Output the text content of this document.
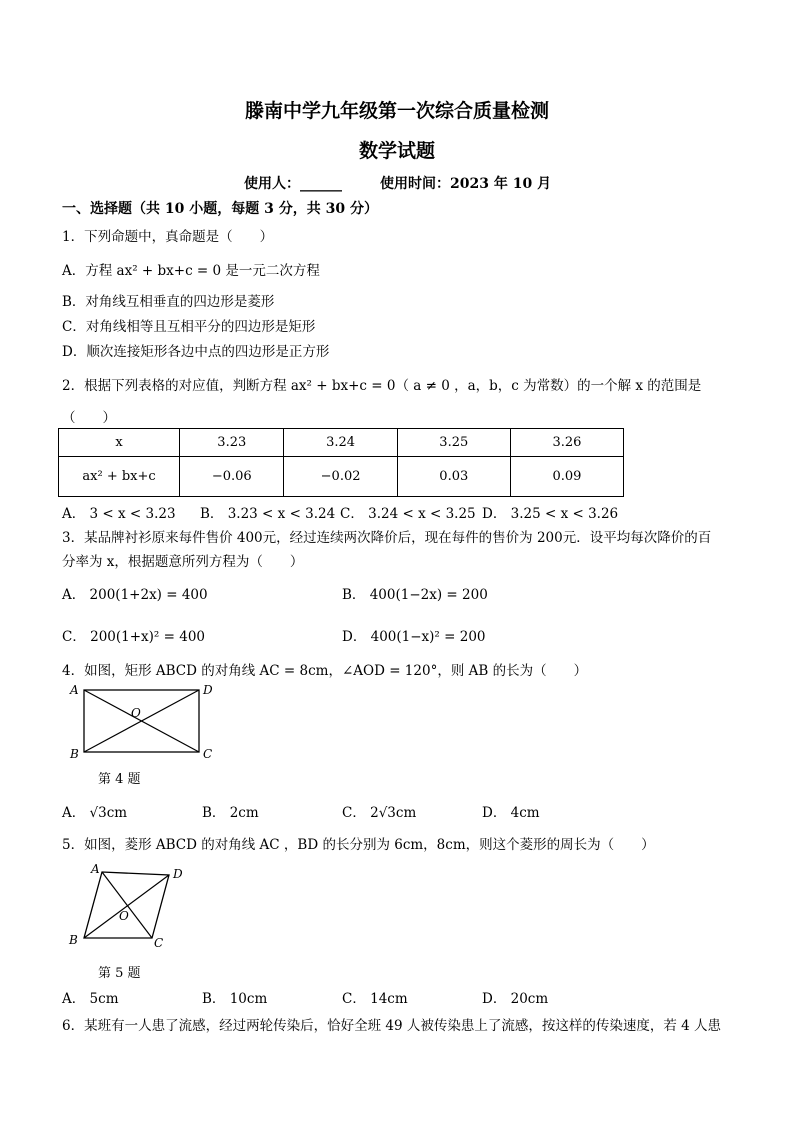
滕南中学九年级第一次综合质量检测
数学试题
使用人：______	使用时间：2023 年 10 月
一、选择题（共 10 小题，每题 3 分，共 30 分）
1．下列命题中，真命题是（　　）
A．方程 ax² + bx+c = 0 是一元二次方程
B．对角线互相垂直的四边形是菱形
C．对角线相等且互相平分的四边形是矩形
D．顺次连接矩形各边中点的四边形是正方形
2．根据下列表格的对应值，判断方程 ax² + bx+c = 0（ a ≠ 0 ，a，b，c 为常数）的一个解 x 的范围是
（　　）
x	3.23	3.24	3.25	3.26
ax² + bx+c	−0.06	−0.02	0.03	0.09
A． 3 < x < 3.23 B． 3.23 < x < 3.24 C． 3.24 < x < 3.25 D． 3.25 < x < 3.26
3．某品牌衬衫原来每件售价 400元，经过连续两次降价后，现在每件的售价为 200元．设平均每次降价的百
分率为 x，根据题意所列方程为（　　）
A． 200(1+2x) = 400	B． 400(1−2x) = 200
C． 200(1+x)² = 400	D． 400(1−x)² = 200
4．如图，矩形 ABCD 的对角线 AC = 8cm，∠AOD = 120°，则 AB 的长为（　　）
A	D
B	C
O
第 4 题
A． √3cm	B． 2cm	C． 2√3cm	D． 4cm
5．如图，菱形 ABCD 的对角线 AC ，BD 的长分别为 6cm，8cm，则这个菱形的周长为（　　）
A	D
B	C
O
第 5 题
A． 5cm	B． 10cm	C． 14cm	D． 20cm
6．某班有一人患了流感，经过两轮传染后，恰好全班 49 人被传染患上了流感，按这样的传染速度，若 4 人患
